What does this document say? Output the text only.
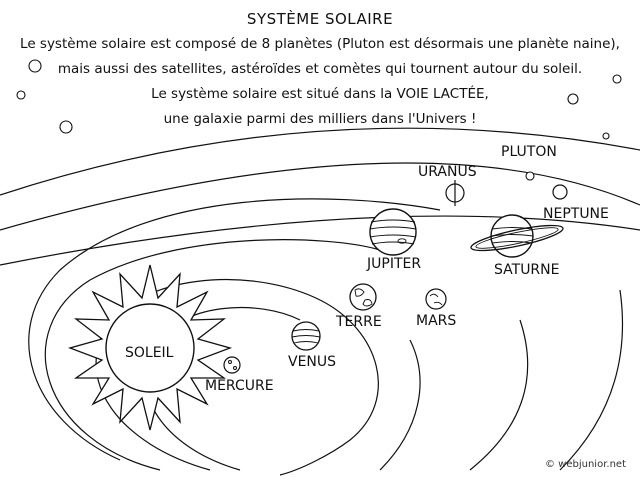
SYSTÈME SOLAIRE
Le système solaire est composé de 8 planètes (Pluton est désormais une planète naine),
mais aussi des satellites, astéroïdes et comètes qui tournent autour du soleil.
Le système solaire est situé dans la VOIE LACTÉE,
une galaxie parmi des milliers dans l'Univers !
SOLEIL
MERCURE
VENUS
TERRE MARS
JUPITER	SATURNE
URANUS
NEPTUNE
PLUTON
© webjunior.net
